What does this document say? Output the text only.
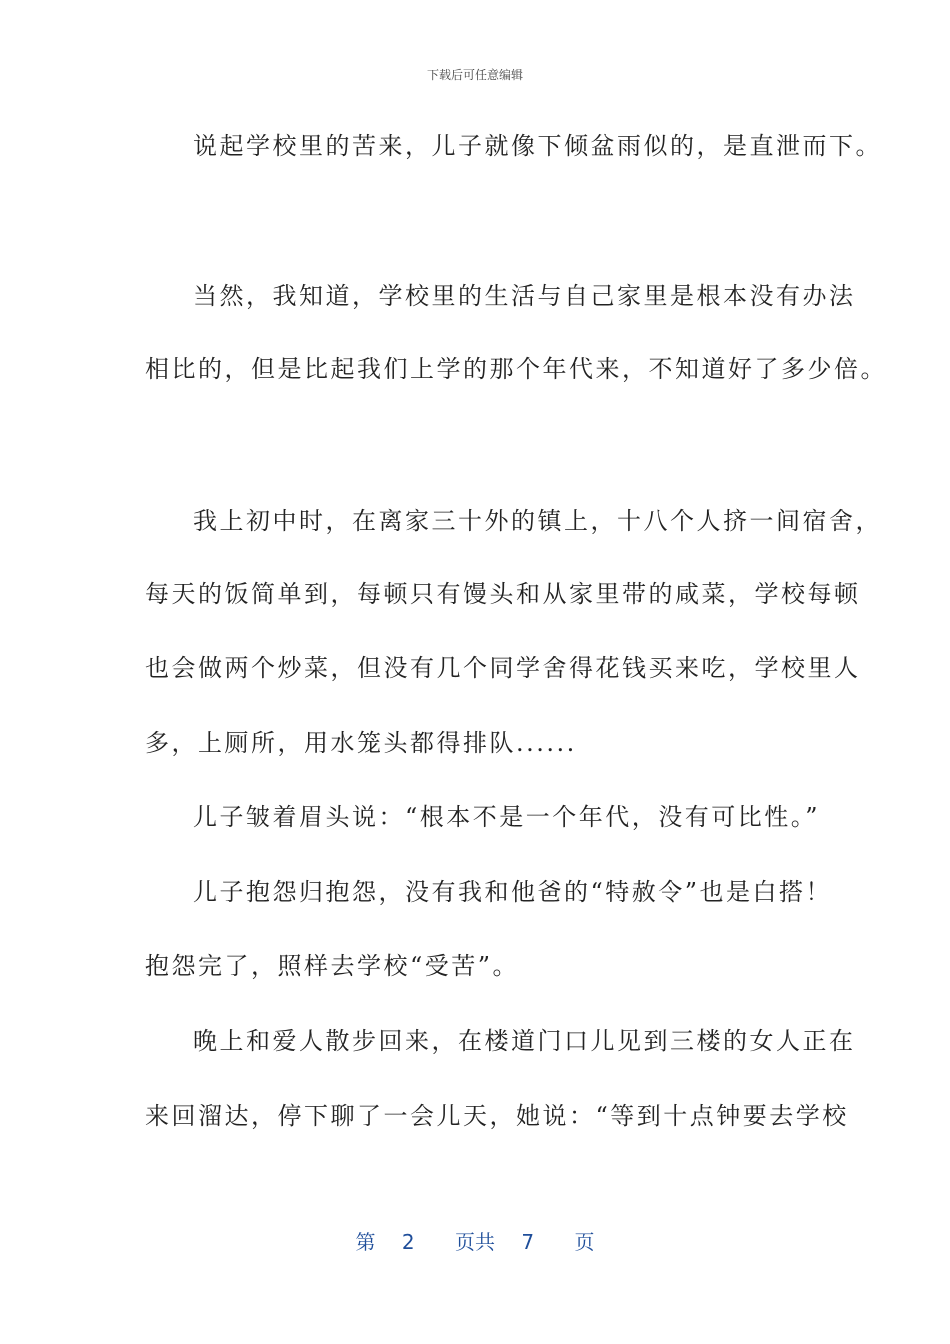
下载后可任意编辑
说起学校里的苦来，儿子就像下倾盆雨似的，是直泄而下。
当然，我知道，学校里的生活与自己家里是根本没有办法
相比的，但是比起我们上学的那个年代来，不知道好了多少倍。
我上初中时，在离家三十外的镇上，十八个人挤一间宿舍，
每天的饭简单到，每顿只有馒头和从家里带的咸菜，学校每顿
也会做两个炒菜，但没有几个同学舍得花钱买来吃，学校里人
多，上厕所，用水笼头都得排队......
儿子皱着眉头说：“根本不是一个年代，没有可比性。”
儿子抱怨归抱怨，没有我和他爸的“特赦令”也是白搭！
抱怨完了，照样去学校“受苦”。
晚上和爱人散步回来，在楼道门口儿见到三楼的女人正在
来回溜达，停下聊了一会儿天，她说：“等到十点钟要去学校
第 2 页共 7 页
